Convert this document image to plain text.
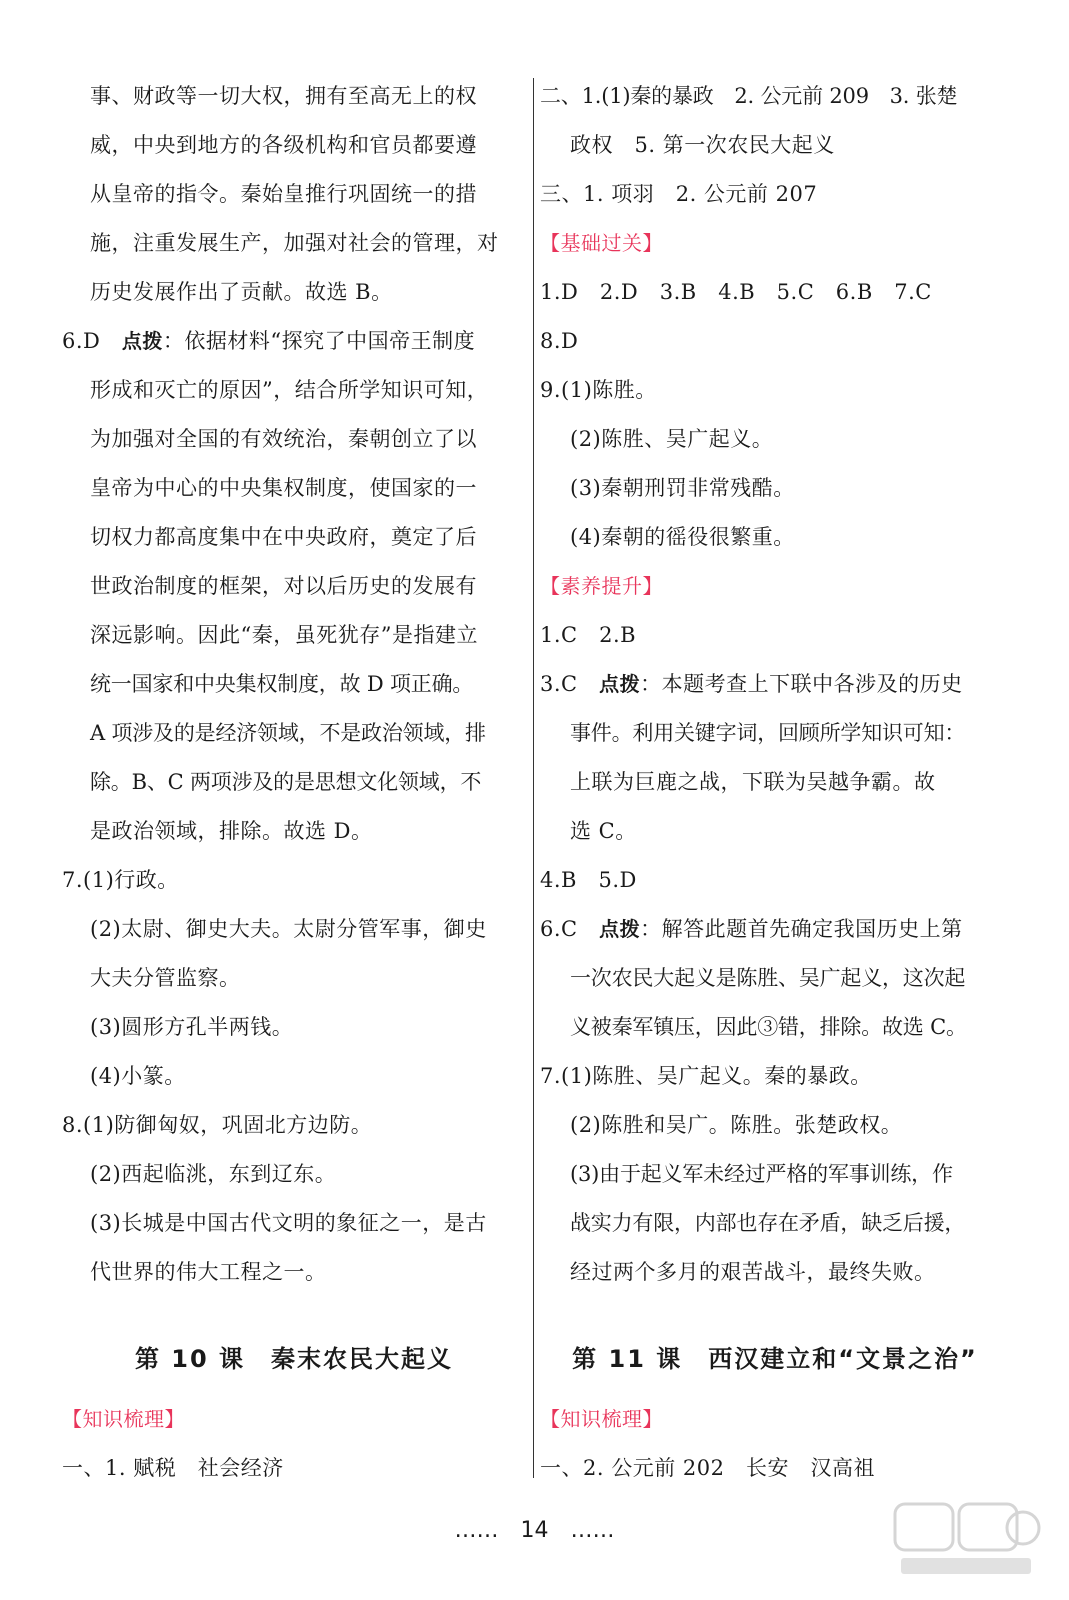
事、财政等一切大权，拥有至高无上的权
威，中央到地方的各级机构和官员都要遵
从皇帝的指令。秦始皇推行巩固统一的措
施，注重发展生产，加强对社会的管理，对
历史发展作出了贡献。故选 B。
6.D 点拨：依据材料“探究了中国帝王制度
形成和灭亡的原因”，结合所学知识可知，
为加强对全国的有效统治，秦朝创立了以
皇帝为中心的中央集权制度，使国家的一
切权力都高度集中在中央政府，奠定了后
世政治制度的框架，对以后历史的发展有
深远影响。因此“秦，虽死犹存”是指建立
统一国家和中央集权制度，故 D 项正确。
A 项涉及的是经济领域，不是政治领域，排
除。B、C 两项涉及的是思想文化领域，不
是政治领域，排除。故选 D。
7.(1)行政。
(2)太尉、御史大夫。太尉分管军事，御史
大夫分管监察。
(3)圆形方孔半两钱。
(4)小篆。
8.(1)防御匈奴，巩固北方边防。
(2)西起临洮，东到辽东。
(3)长城是中国古代文明的象征之一，是古
代世界的伟大工程之一。
第 10 课　秦末农民大起义
【知识梳理】
一、1. 赋税　社会经济
二、1.(1)秦的暴政　2. 公元前 209　3. 张楚
政权　5. 第一次农民大起义
三、1. 项羽　2. 公元前 207
【基础过关】
1.D　2.D　3.B　4.B　5.C　6.B　7.C
8.D
9.(1)陈胜。
(2)陈胜、吴广起义。
(3)秦朝刑罚非常残酷。
(4)秦朝的徭役很繁重。
【素养提升】
1.C　2.B
3.C 点拨：本题考查上下联中各涉及的历史
事件。利用关键字词，回顾所学知识可知：
上联为巨鹿之战，下联为吴越争霸。故
选 C。
4.B　5.D
6.C 点拨：解答此题首先确定我国历史上第
一次农民大起义是陈胜、吴广起义，这次起
义被秦军镇压，因此③错，排除。故选 C。
7.(1)陈胜、吴广起义。秦的暴政。
(2)陈胜和吴广。陈胜。张楚政权。
(3)由于起义军未经过严格的军事训练，作
战实力有限，内部也存在矛盾，缺乏后援，
经过两个多月的艰苦战斗，最终失败。
第 11 课　西汉建立和“文景之治”
【知识梳理】
一、2. 公元前 202　长安　汉高祖
……　14　……
